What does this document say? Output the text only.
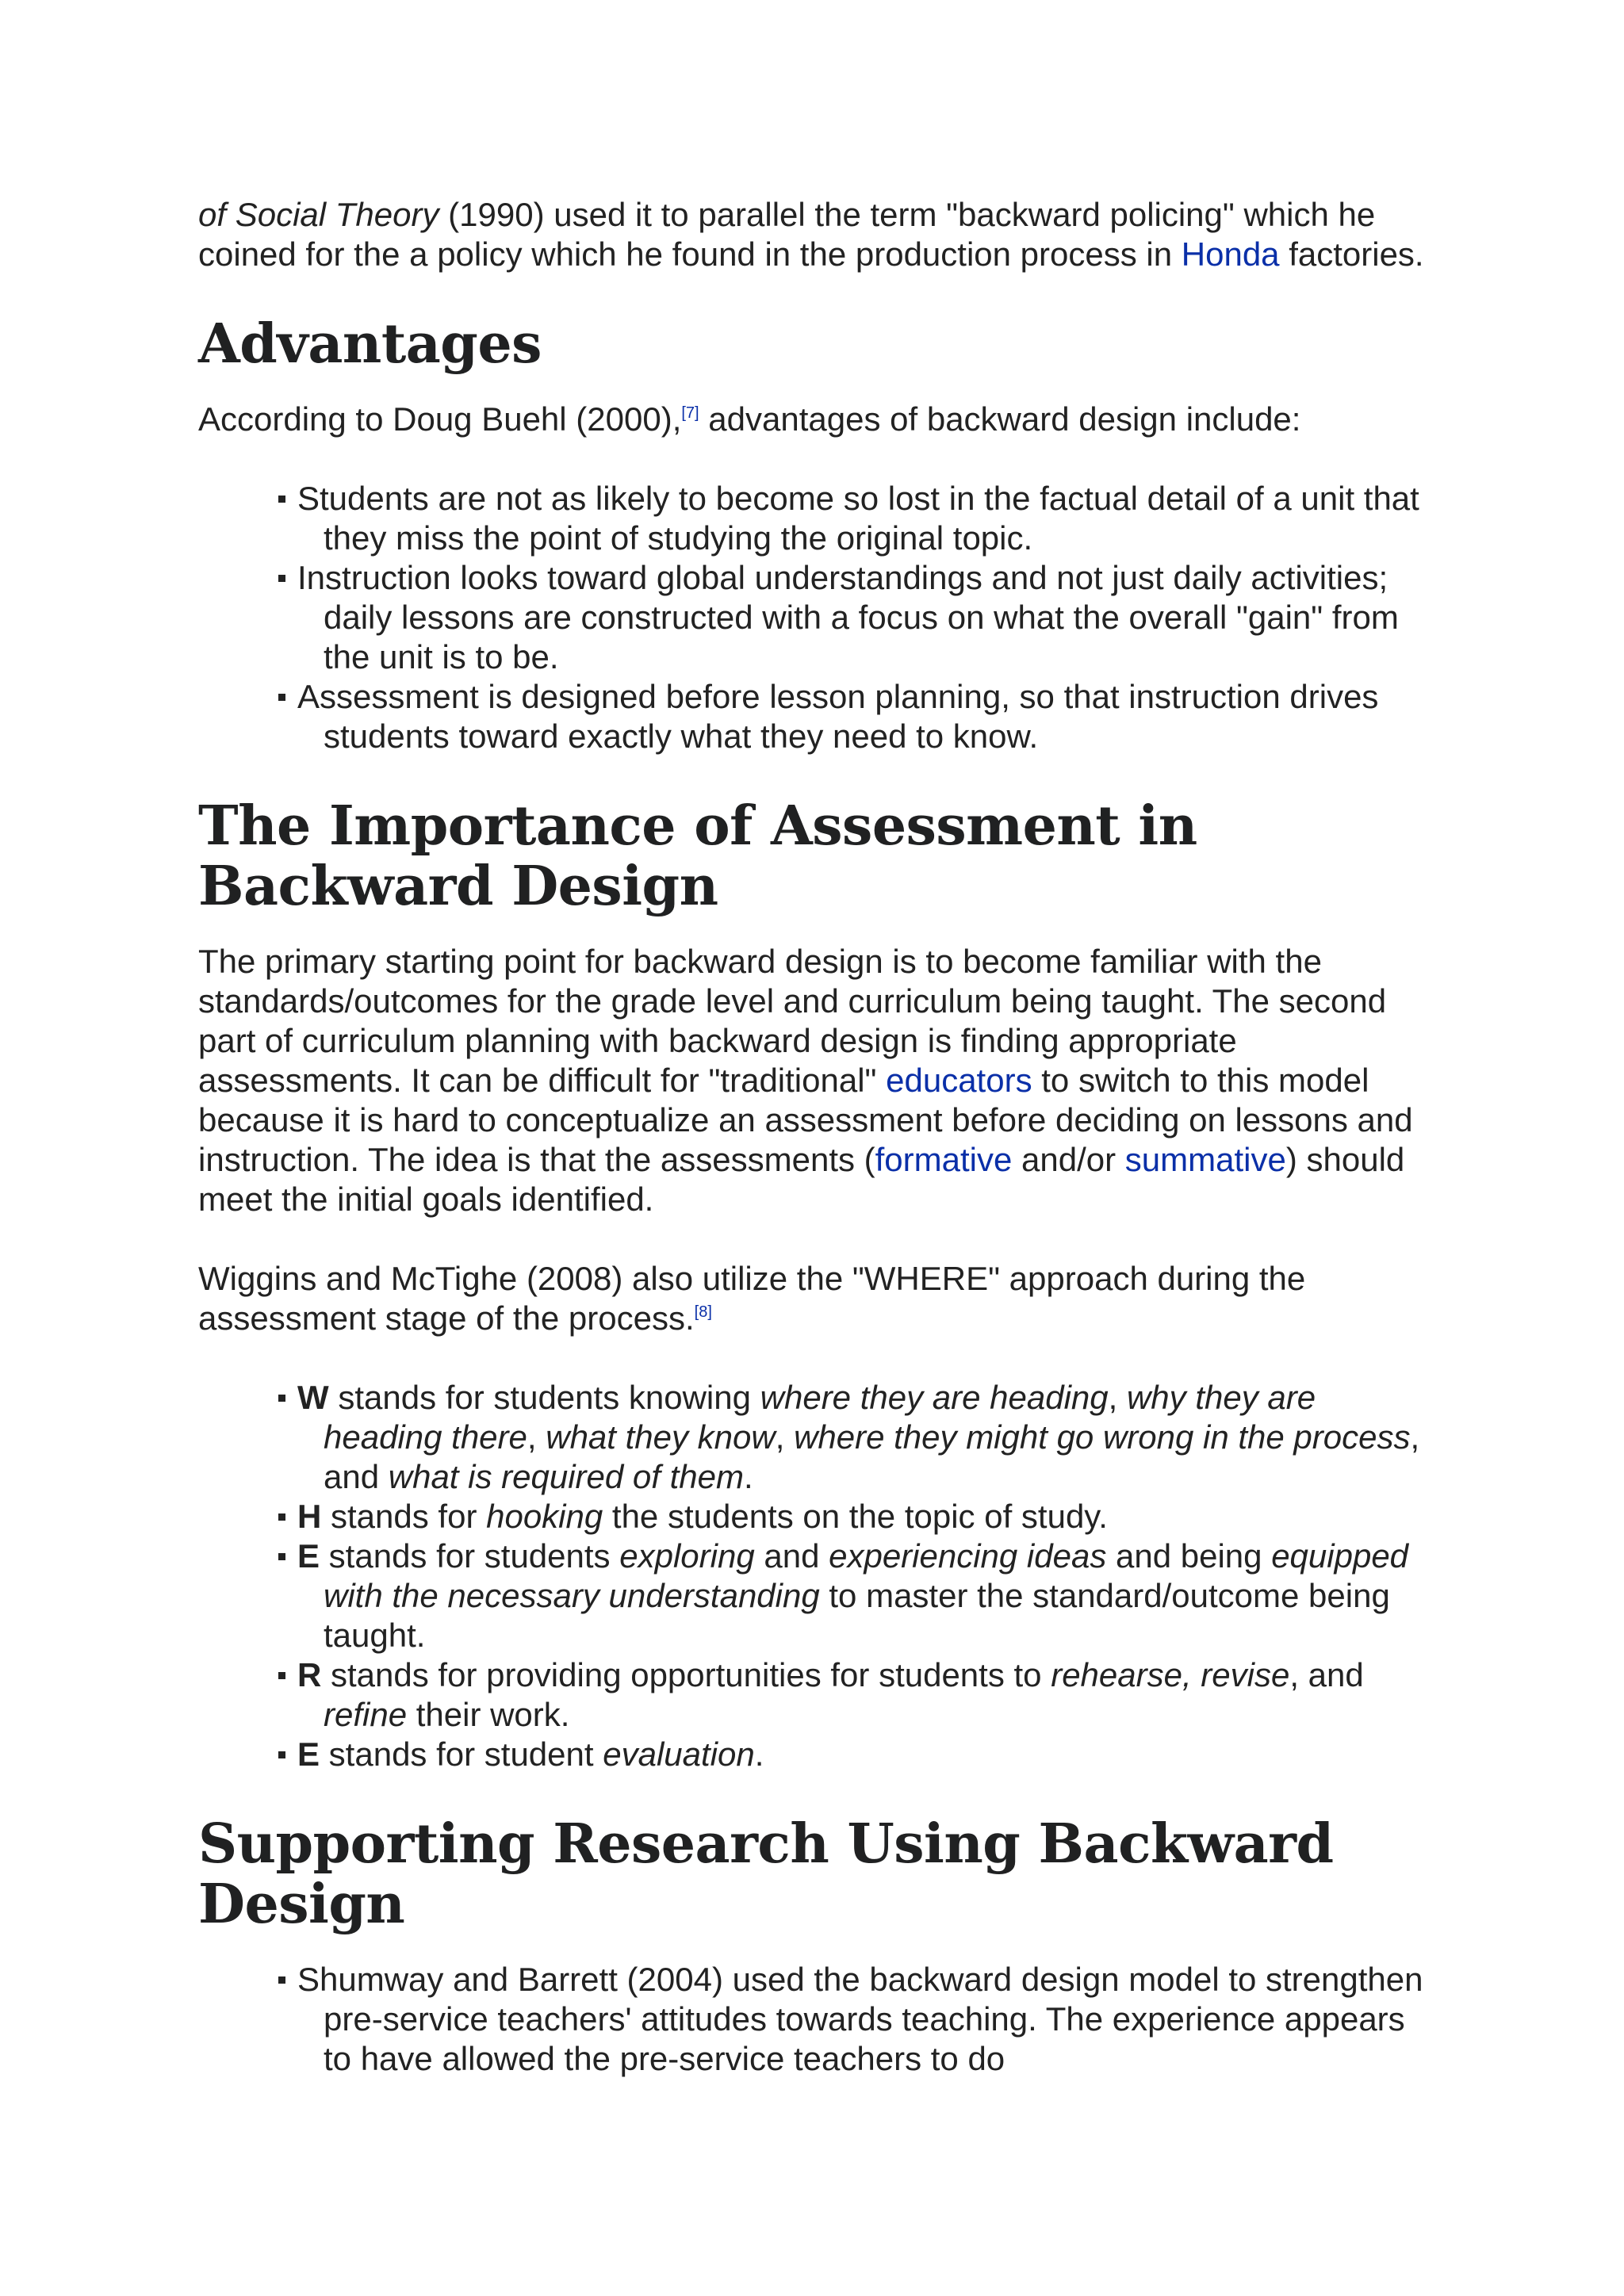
of Social Theory (1990) used it to parallel the term "backward policing" which he coined for the a policy which he found in the production process in Honda factories.

Advantages

According to Doug Buehl (2000),[7] advantages of backward design include:

Students are not as likely to become so lost in the factual detail of a unit that they miss the point of studying the original topic.
Instruction looks toward global understandings and not just daily activities; daily lessons are constructed with a focus on what the overall "gain" from the unit is to be.
Assessment is designed before lesson planning, so that instruction drives students toward exactly what they need to know.
The Importance of Assessment in Backward Design

The primary starting point for backward design is to become familiar with the standards/outcomes for the grade level and curriculum being taught. The second part of curriculum planning with backward design is finding appropriate assessments. It can be difficult for "traditional" educators to switch to this model because it is hard to conceptualize an assessment before deciding on lessons and instruction. The idea is that the assessments (formative and/or summative) should meet the initial goals identified.

Wiggins and McTighe (2008) also utilize the "WHERE" approach during the assessment stage of the process.[8]

W stands for students knowing where they are heading, why they are heading there, what they know, where they might go wrong in the process, and what is required of them.
H stands for hooking the students on the topic of study.
E stands for students exploring and experiencing ideas and being equipped with the necessary understanding to master the standard/outcome being taught.
R stands for providing opportunities for students to rehearse, revise, and refine their work.
E stands for student evaluation.
Supporting Research Using Backward Design
Shumway and Barrett (2004) used the backward design model to strengthen pre-service teachers' attitudes towards teaching. The experience appears to have allowed the pre-service teachers to do
